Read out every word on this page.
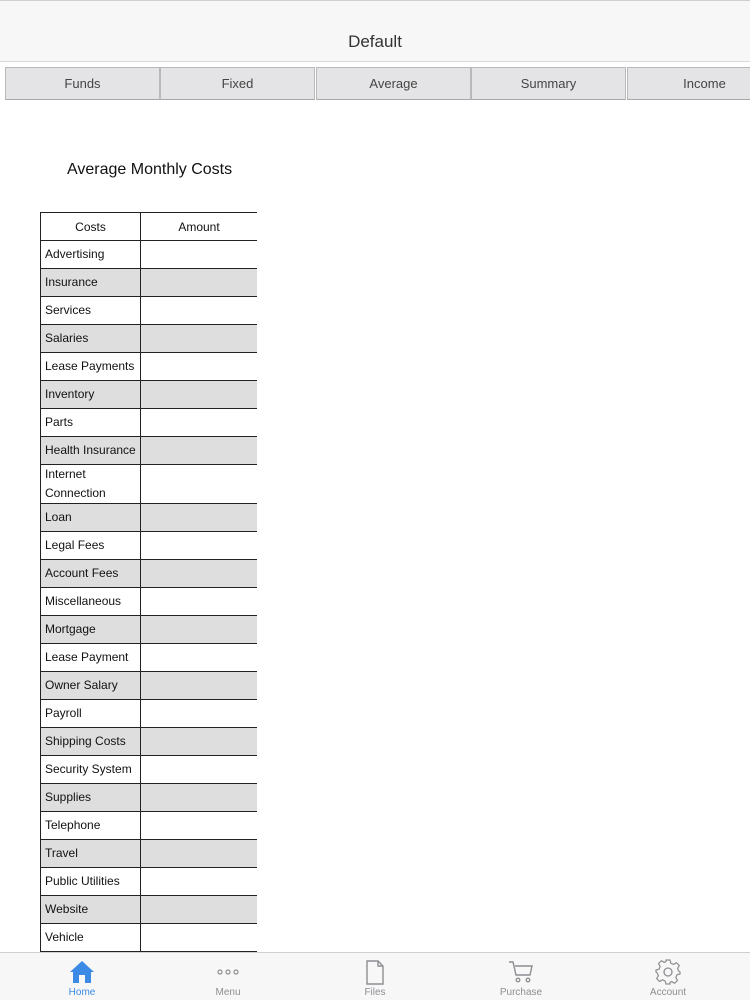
Default
Funds	Fixed	Average	Summary	Income
Average Monthly Costs
Costs	Amount
Advertising	
Insurance	
Services	
Salaries	
Lease Payments	
Inventory	
Parts	
Health Insurance	
Internet Connection	
Loan	
Legal Fees	
Account Fees	
Miscellaneous	
Mortgage	
Lease Payment	
Owner Salary	
Payroll	
Shipping Costs	
Security System	
Supplies	
Telephone	
Travel	
Public Utilities	
Website	
Vehicle	
Home	Menu	Files	Purchase	Account
